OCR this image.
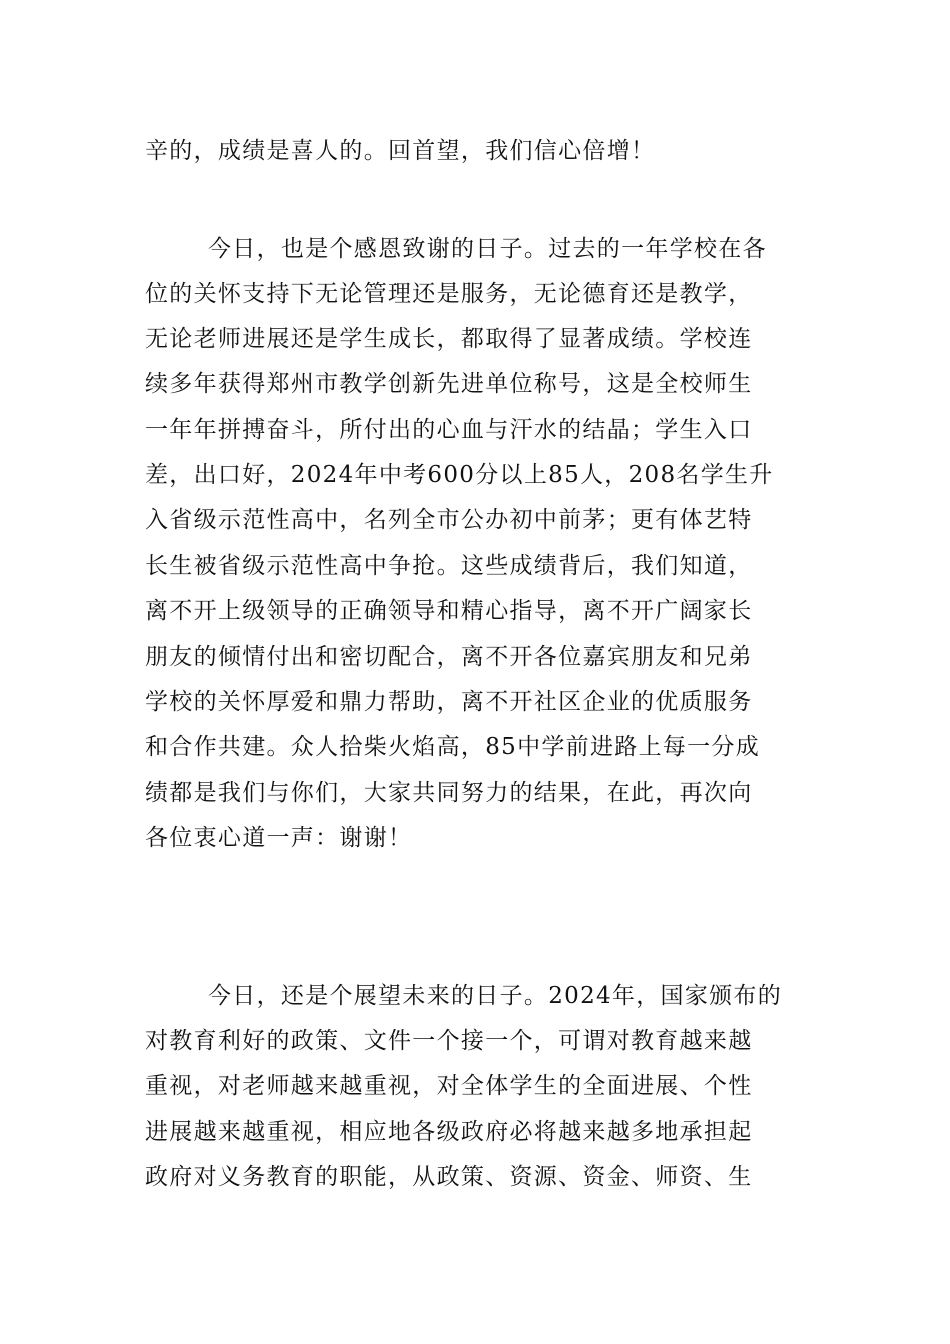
辛的，成绩是喜人的。回首望，我们信心倍增！
今日，也是个感恩致谢的日子。过去的一年学校在各
位的关怀支持下无论管理还是服务，无论德育还是教学，
无论老师进展还是学生成长，都取得了显著成绩。学校连
续多年获得郑州市教学创新先进单位称号，这是全校师生
一年年拼搏奋斗，所付出的心血与汗水的结晶；学生入口
差，出口好，2024年中考600分以上85人，208名学生升
入省级示范性高中，名列全市公办初中前茅；更有体艺特
长生被省级示范性高中争抢。这些成绩背后，我们知道，
离不开上级领导的正确领导和精心指导，离不开广阔家长
朋友的倾情付出和密切配合，离不开各位嘉宾朋友和兄弟
学校的关怀厚爱和鼎力帮助，离不开社区企业的优质服务
和合作共建。众人拾柴火焰高，85中学前进路上每一分成
绩都是我们与你们，大家共同努力的结果，在此，再次向
各位衷心道一声：谢谢！
今日，还是个展望未来的日子。2024年，国家颁布的
对教育利好的政策、文件一个接一个，可谓对教育越来越
重视，对老师越来越重视，对全体学生的全面进展、个性
进展越来越重视，相应地各级政府必将越来越多地承担起
政府对义务教育的职能，从政策、资源、资金、师资、生
